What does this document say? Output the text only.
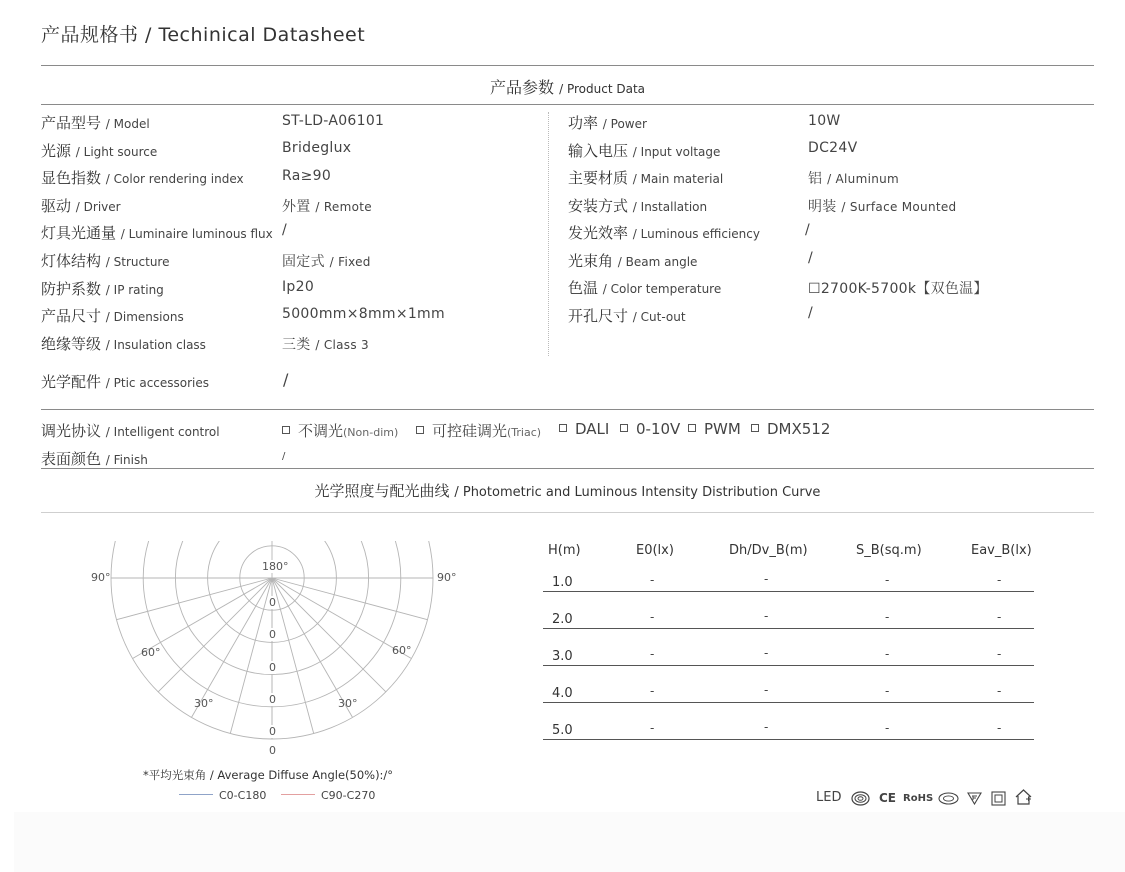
产品规格书 / Techinical Datasheet
产品参数 / Product Data
产品型号 / Model	ST-LD-A06101
光源 / Light source	Brideglux
显色指数 / Color rendering index	Ra≥90
驱动 / Driver	外置 / Remote
灯具光通量 / Luminaire luminous flux /
灯体结构 / Structure	固定式 / Fixed
防护系数 / IP rating	Ip20
产品尺寸 / Dimensions	5000mm×8mm×1mm
绝缘等级 / Insulation class	三类 / Class 3
功率 / Power	10W
输入电压 / Input voltage	DC24V
主要材质 / Main material	铝 / Aluminum
安装方式 / Installation	明装 / Surface Mounted
发光效率 / Luminous efficiency	/
光束角 / Beam angle	/
色温 / Color temperature	☐2700K-5700k【双色温】
开孔尺寸 / Cut-out	/
光学配件 / Ptic accessories	/
调光协议 / Intelligent control	不调光(Non-dim)	可控硅调光(Triac)	DALI	0-10V	PWM	DMX512
表面颜色 / Finish	/
光学照度与配光曲线 / Photometric and Luminous Intensity Distribution Curve
90°	90°
60°	60°
30°	30°
180°
0
0
0
0
0
0
*平均光束角 / Average Diffuse Angle(50%):/°
C0-C180	C90-C270
H(m)	E0(lx)	Dh/Dv_B(m)	S_B(sq.m)	Eav_B(lx)
1.0	-	-	-	-
2.0	-	-	-	-
3.0	-	-	-	-
4.0	-	-	-	-
5.0	-	-	-	-
LED	CE RoHS
